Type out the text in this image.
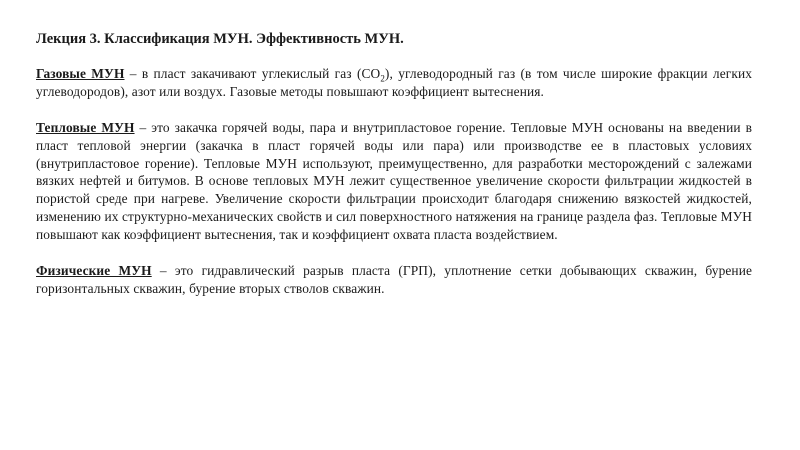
Лекция 3. Классификация МУН. Эффективность МУН.

Газовые МУН – в пласт закачивают углекислый газ $(CO_2)$, углеводородный газ (в том числе широкие фракции легких углеводородов), азот или воздух. Газовые методы повышают коэффициент вытеснения.

Тепловые МУН – это закачка горячей воды, пара и внутрипластовое горение. Тепловые МУН основаны на введении в пласт тепловой энергии (закачка в пласт горячей воды или пара) или производстве ее в пластовых условиях (внутрипластовое горение). Тепловые МУН используют, преимущественно, для разработки месторождений с залежами вязких нефтей и битумов. В основе тепловых МУН лежит существенное увеличение скорости фильтрации жидкостей в пористой среде при нагреве. Увеличение скорости фильтрации происходит благодаря снижению вязкостей жидкостей, изменению их структурно-механических свойств и сил поверхностного натяжения на границе раздела фаз. Тепловые МУН повышают как коэффициент вытеснения, так и коэффициент охвата пласта воздействием.

Физические МУН – это гидравлический разрыв пласта (ГРП), уплотнение сетки добывающих скважин, бурение горизонтальных скважин, бурение вторых стволов скважин.
